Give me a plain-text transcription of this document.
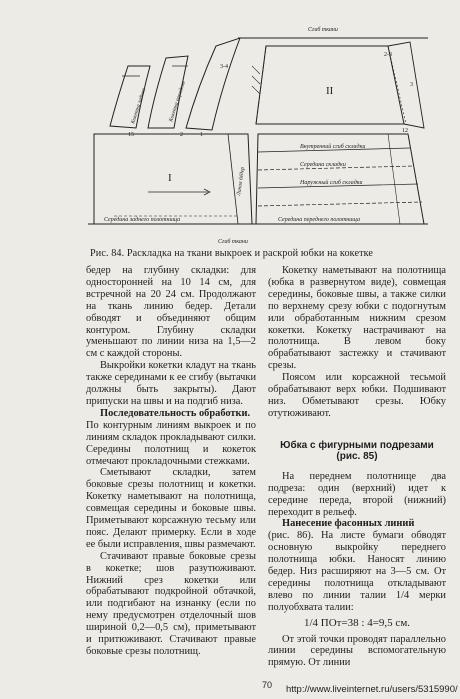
Сгиб ткани
Сгиб ткани
Кокетка задняя	Кокетка передняя
I
II
Линия бёдер
Внутренний сгиб складки
Середина складки
Наружный сгиб складки
Середина заднего полотнища	Середина переднего полотнища
3-4
15	2	1
2-3
3
12
Рис. 84. Раскладка на ткани выкроек и раскрой юбки на кокетке

бедер на глубину складки: для односторонней на 10 14 см, для встречной на 20 24 см. Продолжают на ткань линию бедер. Детали обводят и объединяют общим контуром. Глубину складки уменьшают по линии низа на 1,5—2 см с каждой стороны.

Выкройки кокетки кладут на ткань также серединами к ее сгибу (вытачки должны быть закрыты). Дают припуски на швы и на подгиб низа.

Последовательность обработки.

По контурным линиям выкроек и по линиям складок прокладывают силки. Середины полотнищ и кокеток отмечают прокладочными стежками.

Сметывают складки, затем боковые срезы полотнищ и кокетки. Кокетку наметывают на полотнища, совмещая середины и боковые швы. Приметывают корсажную тесьму или пояс. Делают примерку. Если в ходе ее были исправления, швы размечают.

Стачивают правые боковые срезы в кокетке; шов разутюживают. Нижний срез кокетки или обрабатывают подкройной обтачкой, или подгибают на изнанку (если по нему предусмотрен отделочный шов шириной 0,2—0,5 см), приметывают и притюживают. Стачивают правые боковые срезы полотнищ.

Кокетку наметывают на полотнища (юбка в развернутом виде), совмещая середины, боковые швы, а также силки по верхнему срезу юбки с подогнутым или обработанным нижним срезом кокетки. Кокетку настрачивают на полотнища. В левом боку обрабатывают застежку и стачивают срезы.

Поясом или корсажной тесьмой обрабатывают верх юбки. Подшивают низ. Обметывают срезы. Юбку отутюживают.

Юбка с фигурными подрезами
(рис. 85)

На переднем полотнище два подреза: один (верхний) идет к середине переда, второй (нижний) переходит в рельеф.

Нанесение фасонных линий

(рис. 86). На листе бумаги обводят основную выкройку переднего полотнища юбки. Наносят линию бедер. Низ расширяют на 3—5 см. От середины полотнища откладывают влево по линии талии 1/4 мерки полуобхвата талии:

1/4 ПОт=38 : 4=9,5 см.

От этой точки проводят параллельно линии середины вспомогательную прямую. От линии

70 http://www.liveinternet.ru/users/5315990/
